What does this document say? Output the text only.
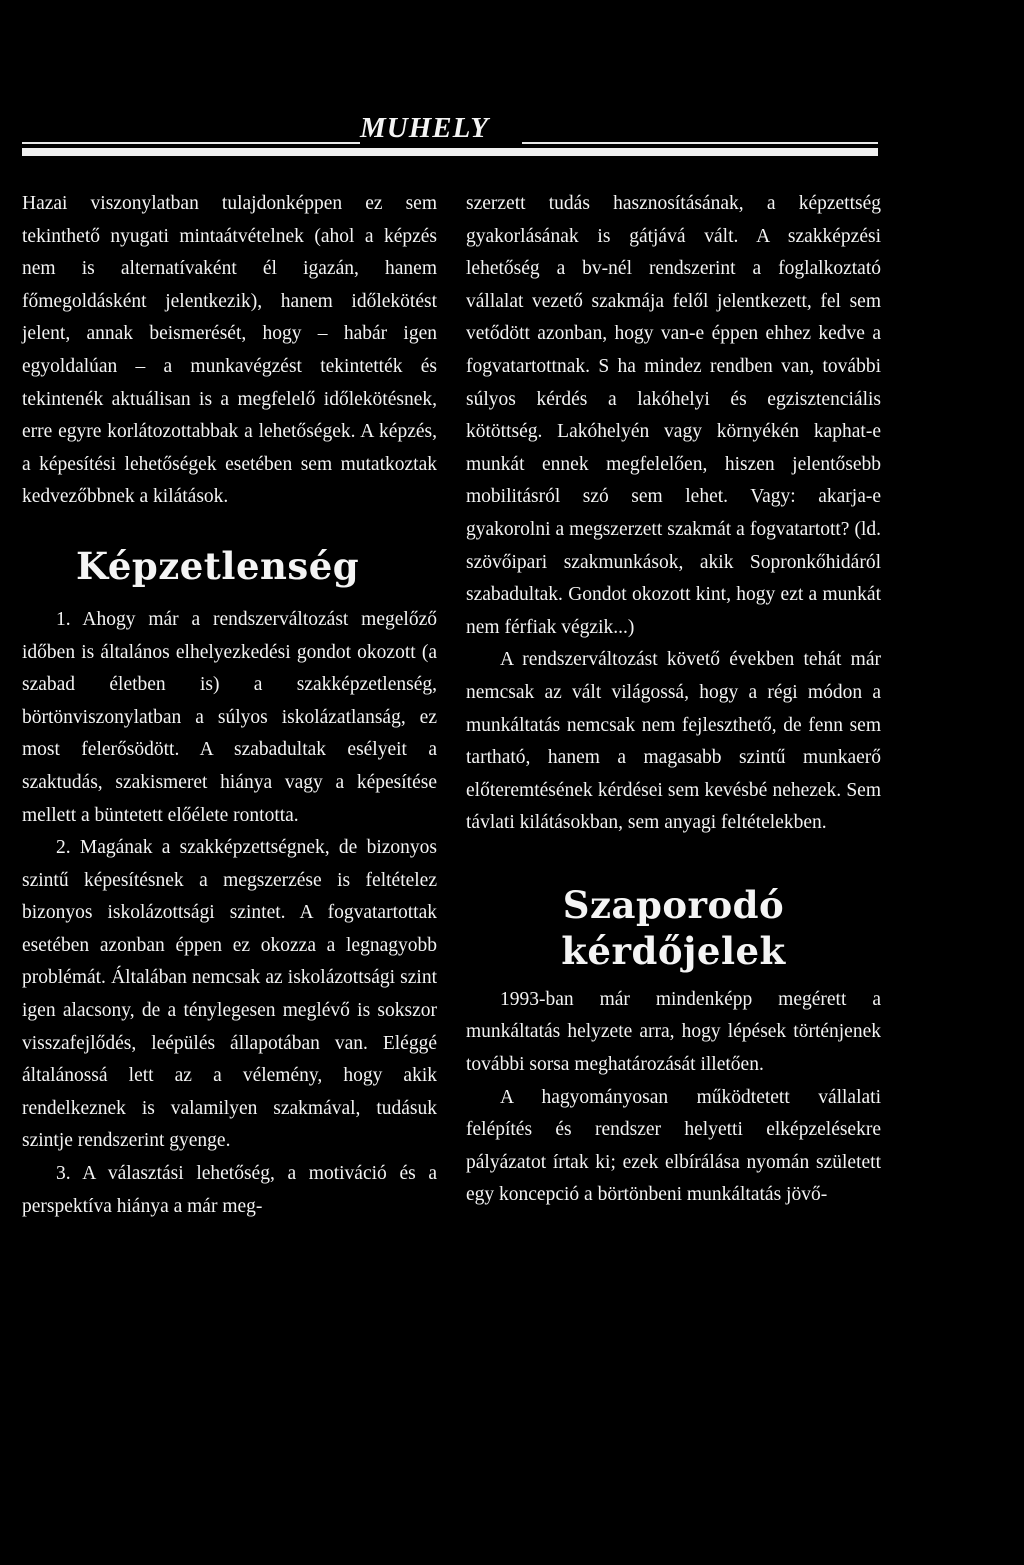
MUHELY

Hazai viszonylatban tulajdonképpen ez sem tekinthető nyugati mintaátvételnek (ahol a képzés nem is alternatívaként él igazán, hanem főmegoldásként jelentkezik), hanem időlekötést jelent, annak beismerését, hogy – habár igen egyoldalúan – a munkavégzést tekintették és tekintenék aktuálisan is a megfelelő időlekötésnek, erre egyre korlátozottabbak a lehetőségek. A képzés, a képesítési lehetőségek esetében sem mutatkoztak kedvezőbbnek a kilátások.

Képzetlenség

1. Ahogy már a rendszerváltozást megelőző időben is általános elhelyezkedési gondot okozott (a szabad életben is) a szakképzetlenség, börtönviszonylatban a súlyos iskolázatlanság, ez most felerősödött. A szabadultak esélyeit a szaktudás, szakismeret hiánya vagy a képesítése mellett a büntetett előélete rontotta.

2. Magának a szakképzettségnek, de bizonyos szintű képesítésnek a megszerzése is feltételez bizonyos iskolázottsági szintet. A fogvatartottak esetében azonban éppen ez okozza a legnagyobb problémát. Általában nemcsak az iskolázottsági szint igen alacsony, de a ténylegesen meglévő is sokszor visszafejlődés, leépülés állapotában van. Eléggé általánossá lett az a vélemény, hogy akik rendelkeznek is valamilyen szakmával, tudásuk szintje rendszerint gyenge.

3. A választási lehetőség, a motiváció és a perspektíva hiánya a már meg-

szerzett tudás hasznosításának, a képzettség gyakorlásának is gátjává vált. A szakképzési lehetőség a bv-nél rendszerint a foglalkoztató vállalat vezető szakmája felől jelentkezett, fel sem vetődött azonban, hogy van-e éppen ehhez kedve a fogvatartottnak. S ha mindez rendben van, további súlyos kérdés a lakóhelyi és egzisztenciális kötöttség. Lakóhelyén vagy környékén kaphat-e munkát ennek megfelelően, hiszen jelentősebb mobilitásról szó sem lehet. Vagy: akarja-e gyakorolni a megszerzett szakmát a fogvatartott? (ld. szövőipari szakmunkások, akik Sopronkőhidáról szabadultak. Gondot okozott kint, hogy ezt a munkát nem férfiak végzik...)

A rendszerváltozást követő években tehát már nemcsak az vált világossá, hogy a régi módon a munkáltatás nemcsak nem fejleszthető, de fenn sem tartható, hanem a magasabb szintű munkaerő előteremtésének kérdései sem kevésbé nehezek. Sem távlati kilátásokban, sem anyagi feltételekben.

Szaporodó
kérdőjelek

1993-ban már mindenképp megérett a munkáltatás helyzete arra, hogy lépések történjenek további sorsa meghatározását illetően.

A hagyományosan működtetett vállalati felépítés és rendszer helyetti elképzelésekre pályázatot írtak ki; ezek elbírálása nyomán született egy koncepció a börtönbeni munkáltatás jövő-
